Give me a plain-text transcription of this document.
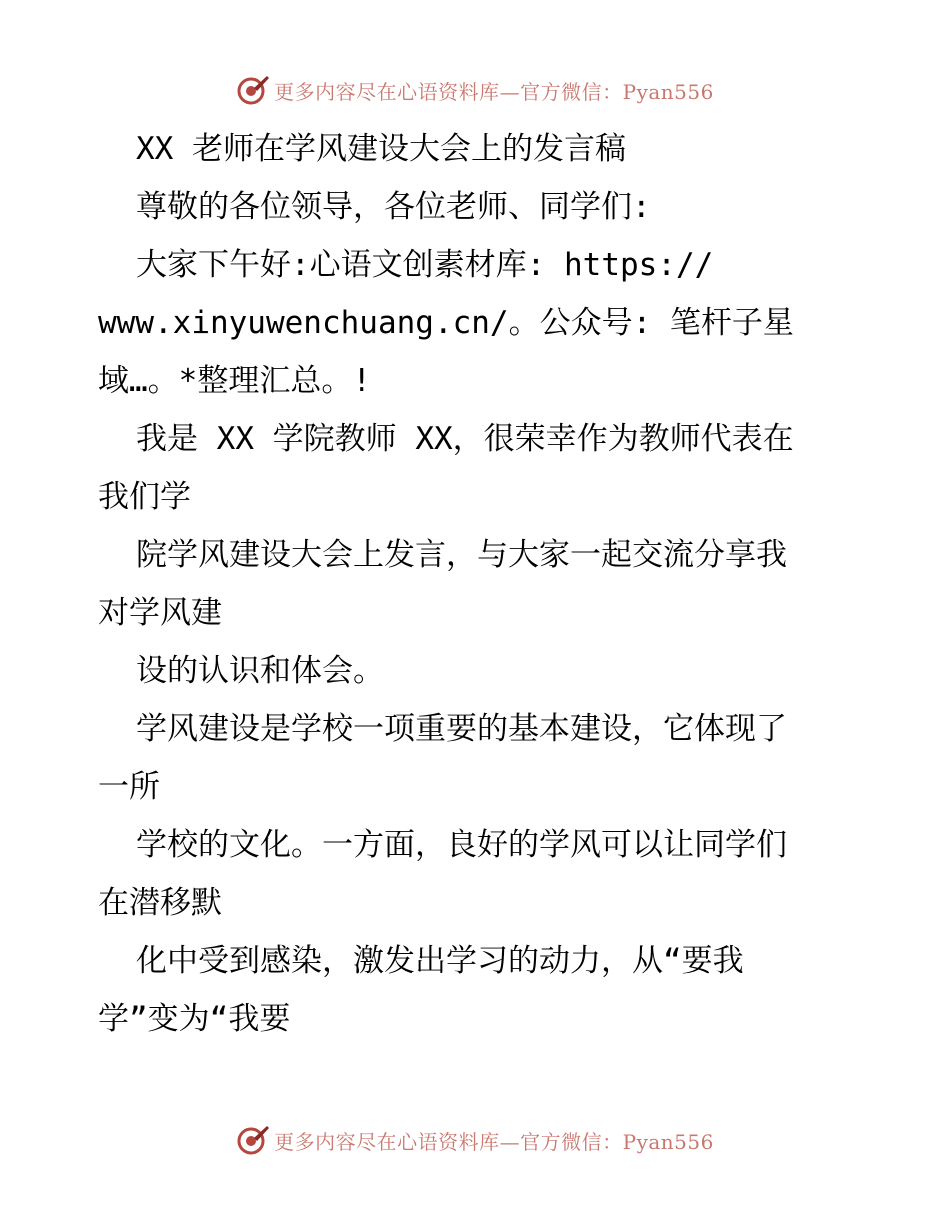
更多内容尽在心语资料库—官方微信：Pyan556
XX 老师在学风建设大会上的发言稿
尊敬的各位领导，各位老师、同学们:
大家下午好:心语文创素材库: https://
www.xinyuwenchuang.cn/。公众号: 笔杆子星
域…。*整理汇总。!
我是 XX 学院教师 XX，很荣幸作为教师代表在
我们学
院学风建设大会上发言，与大家一起交流分享我
对学风建
设的认识和体会。
学风建设是学校一项重要的基本建设，它体现了
一所
学校的文化。一方面，良好的学风可以让同学们
在潜移默
化中受到感染，激发出学习的动力，从“要我
学”变为“我要
更多内容尽在心语资料库—官方微信：Pyan556
